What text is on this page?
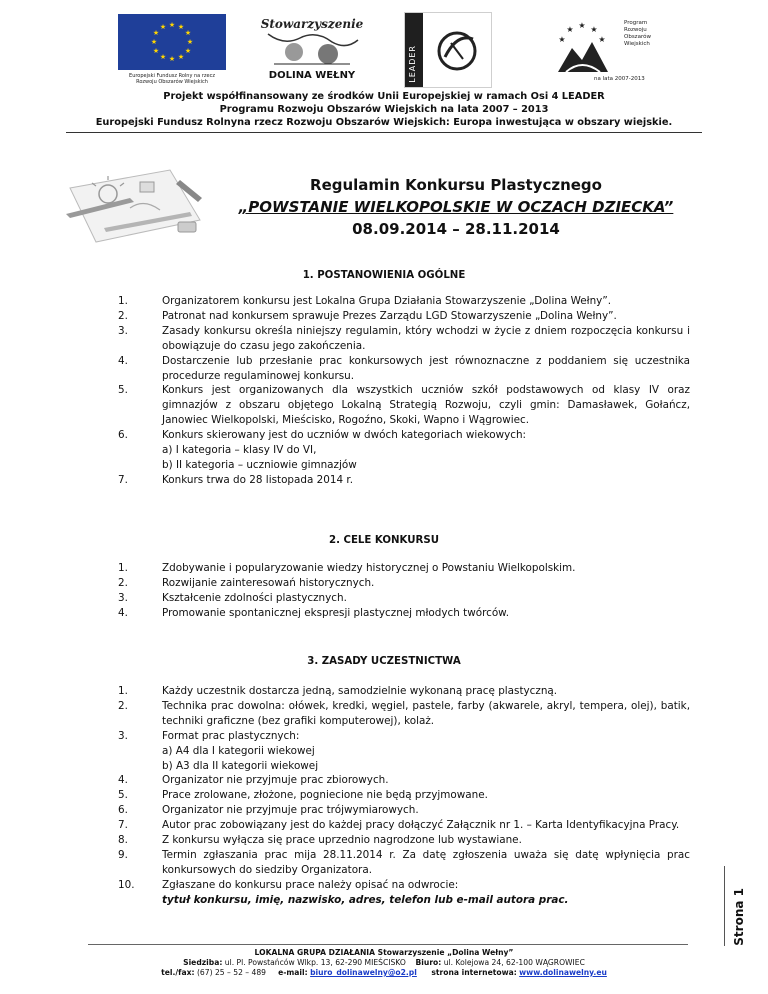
★ ★
★
★
★
★
★
★
★
★
★
★
Europejski Fundusz Rolny na rzecz
Rozwoju Obszarów Wiejskich
Stowarzyszenie
DOLINA WEŁNY	LEADER
★ ★
★
★
★
Program
Rozwoju
Obszarów
Wiejskich
na lata 2007-2013
Projekt współfinansowany ze środków Unii Europejskiej w ramach Osi 4 LEADER
Programu Rozwoju Obszarów Wiejskich na lata 2007 – 2013
Europejski Fundusz Rolnyna rzecz Rozwoju Obszarów Wiejskich: Europa inwestująca w obszary wiejskie.
Regulamin Konkursu Plastycznego
„POWSTANIE WIELKOPOLSKIE W OCZACH DZIECKA”
08.09.2014 – 28.11.2014
1. POSTANOWIENIA OGÓLNE
1.	Organizatorem konkursu jest Lokalna Grupa Działania Stowarzyszenie „Dolina Wełny”.
2.	Patronat nad konkursem sprawuje Prezes Zarządu LGD Stowarzyszenie „Dolina Wełny”.
3.	Zasady konkursu określa niniejszy regulamin, który wchodzi w życie z dniem rozpoczęcia konkursu i obowiązuje do czasu jego zakończenia.
4.	Dostarczenie lub przesłanie prac konkursowych jest równoznaczne z poddaniem się uczestnika procedurze regulaminowej konkursu.
5.	Konkurs jest organizowanych dla wszystkich uczniów szkół podstawowych od klasy IV oraz gimnazjów z obszaru objętego Lokalną Strategią Rozwoju, czyli gmin: Damasławek, Gołańcz, Janowiec Wielkopolski, Mieścisko, Rogoźno, Skoki, Wapno i Wągrowiec.
6.	Konkurs skierowany jest do uczniów w dwóch kategoriach wiekowych:
a) I kategoria – klasy IV do VI,
b) II kategoria – uczniowie gimnazjów
7.	Konkurs trwa do 28 listopada 2014 r.
2. CELE KONKURSU
1.	Zdobywanie i popularyzowanie wiedzy historycznej o Powstaniu Wielkopolskim.
2.	Rozwijanie zainteresowań historycznych.
3.	Kształcenie zdolności plastycznych.
4.	Promowanie spontanicznej ekspresji plastycznej młodych twórców.
3. ZASADY UCZESTNICTWA
1.	Każdy uczestnik dostarcza jedną, samodzielnie wykonaną pracę plastyczną.
2.	Technika prac dowolna: ołówek, kredki, węgiel, pastele, farby (akwarele, akryl, tempera, olej), batik, techniki graficzne (bez grafiki komputerowej), kolaż.
3.	Format prac plastycznych:
a) A4 dla I kategorii wiekowej
b) A3 dla II kategorii wiekowej
4.	Organizator nie przyjmuje prac zbiorowych.
5.	Prace zrolowane, złożone, pogniecione nie będą przyjmowane.
6.	Organizator nie przyjmuje prac trójwymiarowych.
7.	Autor prac zobowiązany jest do każdej pracy dołączyć Załącznik nr 1. – Karta Identyfikacyjna Pracy.
8.	Z konkursu wyłącza się prace uprzednio nagrodzone lub wystawiane.
9.	Termin zgłaszania prac mija 28.11.2014 r. Za datę zgłoszenia uważa się datę wpłynięcia prac konkursowych do siedziby Organizatora.
10.	Zgłaszane do konkursu prace należy opisać na odwrocie:
tytuł konkursu, imię, nazwisko, adres, telefon lub e-mail autora prac.	Strona 1
LOKALNA GRUPA DZIAŁANIA Stowarzyszenie „Dolina Wełny”
Siedziba: ul. Pl. Powstańców Wlkp. 13, 62-290 MIEŚCISKO Biuro: ul. Kolejowa 24, 62-100 WĄGROWIEC
tel./fax: (67) 25 – 52 – 489 e-mail: biuro_dolinawelny@o2.pl strona internetowa: www.dolinawelny.eu
